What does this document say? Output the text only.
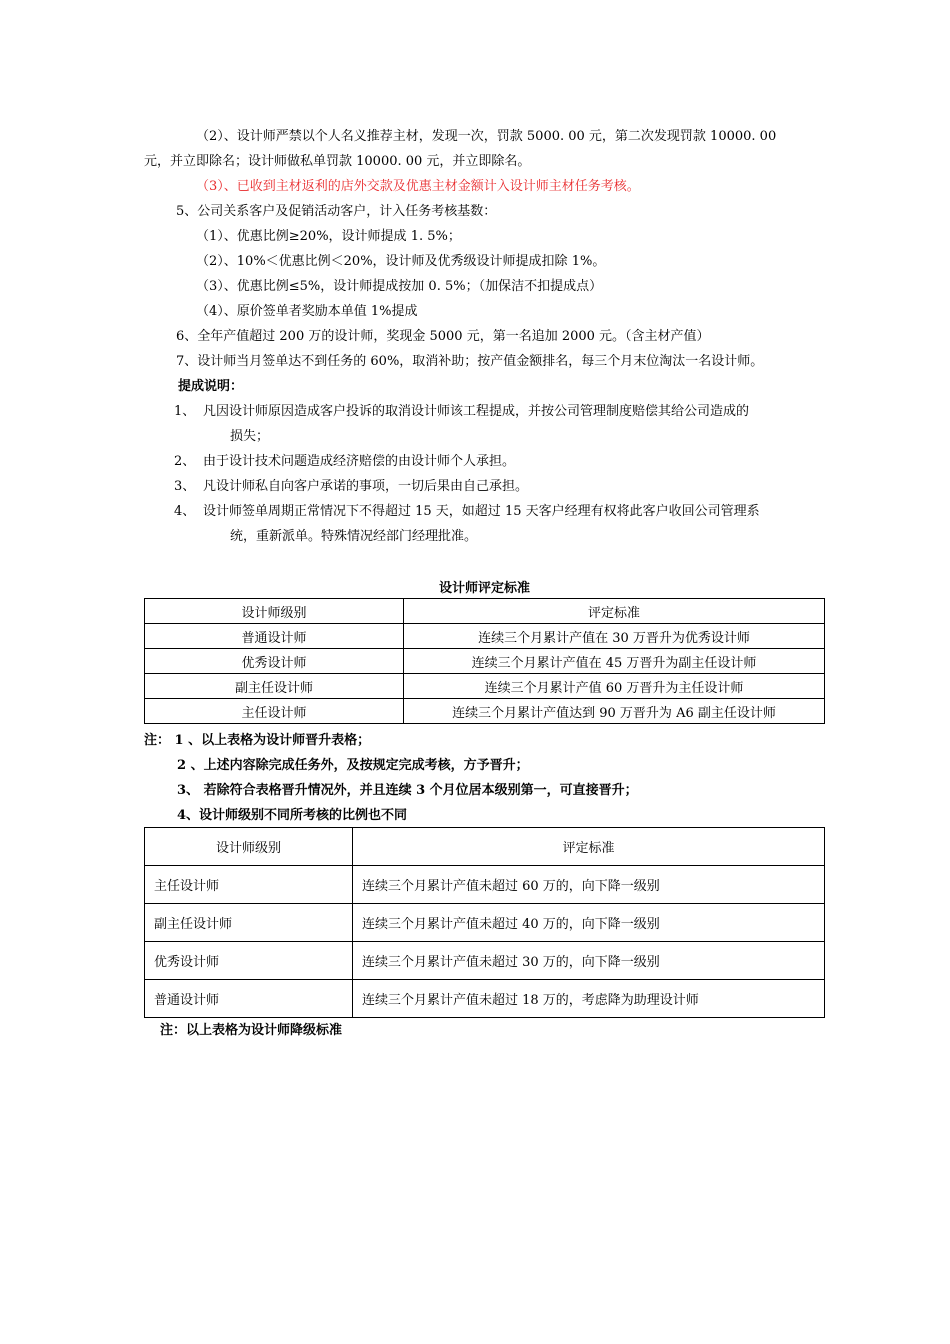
（2）、设计师严禁以个人名义推荐主材，发现一次，罚款 5000. 00 元，第二次发现罚款 10000. 00
元，并立即除名；设计师做私单罚款 10000. 00 元，并立即除名。
（3）、已收到主材返利的店外交款及优惠主材金额计入设计师主材任务考核。
5、公司关系客户及促销活动客户，计入任务考核基数：
（1）、优惠比例≥20%，设计师提成 1. 5%；
（2）、10%＜优惠比例＜20%，设计师及优秀级设计师提成扣除 1%。
（3）、优惠比例≤5%，设计师提成按加 0. 5%；（加保洁不扣提成点）
（4）、原价签单者奖励本单值 1%提成
6、全年产值超过 200 万的设计师，奖现金 5000 元，第一名追加 2000 元。（含主材产值）
7、设计师当月签单达不到任务的 60%，取消补助；按产值金额排名，每三个月末位淘汰一名设计师。
提成说明：
1、 凡因设计师原因造成客户投诉的取消设计师该工程提成，并按公司管理制度赔偿其给公司造成的
损失；
2、 由于设计技术问题造成经济赔偿的由设计师个人承担。
3、 凡设计师私自向客户承诺的事项，一切后果由自己承担。
4、 设计师签单周期正常情况下不得超过 15 天，如超过 15 天客户经理有权将此客户收回公司管理系
统，重新派单。特殊情况经部门经理批准。
设计师评定标准
设计师级别	评定标准
普通设计师	连续三个月累计产值在 30 万晋升为优秀设计师
优秀设计师	连续三个月累计产值在 45 万晋升为副主任设计师
副主任设计师	连续三个月累计产值 60 万晋升为主任设计师
主任设计师	连续三个月累计产值达到 90 万晋升为 A6 副主任设计师
注： 1 、以上表格为设计师晋升表格；
2 、上述内容除完成任务外，及按规定完成考核，方予晋升；
3、 若除符合表格晋升情况外，并且连续 3 个月位居本级别第一，可直接晋升；
4、设计师级别不同所考核的比例也不同
设计师级别	评定标准
主任设计师	连续三个月累计产值未超过 60 万的，向下降一级别
副主任设计师	连续三个月累计产值未超过 40 万的，向下降一级别
优秀设计师	连续三个月累计产值未超过 30 万的，向下降一级别
普通设计师	连续三个月累计产值未超过 18 万的，考虑降为助理设计师
注：以上表格为设计师降级标准
